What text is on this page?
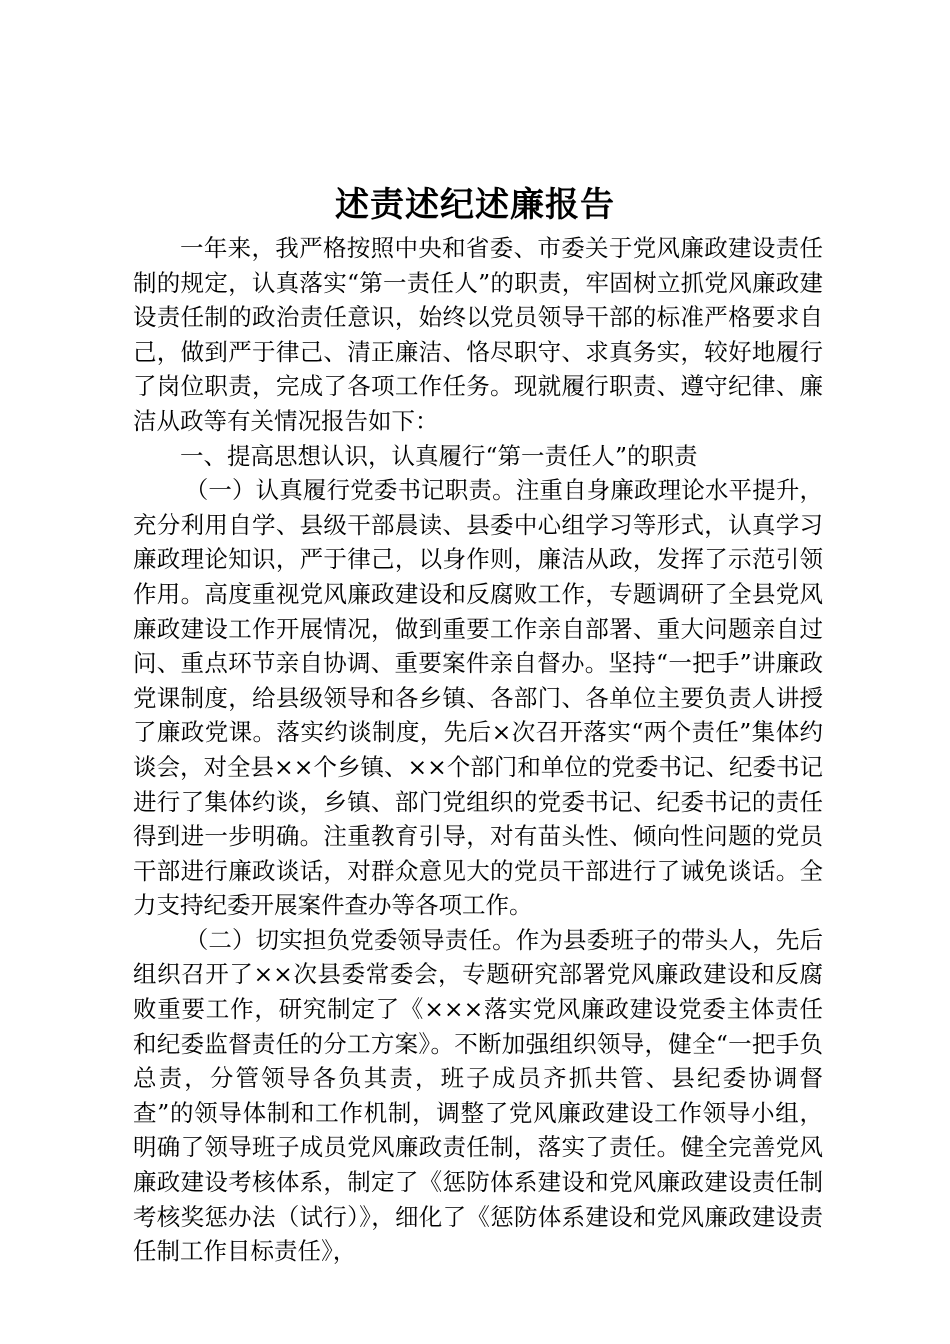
述责述纪述廉报告

一年来，我严格按照中央和省委、市委关于党风廉政建设责任制的规定，认真落实“第一责任人”的职责，牢固树立抓党风廉政建设责任制的政治责任意识，始终以党员领导干部的标准严格要求自己，做到严于律己、清正廉洁、恪尽职守、求真务实，较好地履行了岗位职责，完成了各项工作任务。现就履行职责、遵守纪律、廉洁从政等有关情况报告如下：

一、提高思想认识，认真履行“第一责任人”的职责

（一）认真履行党委书记职责。注重自身廉政理论水平提升，充分利用自学、县级干部晨读、县委中心组学习等形式，认真学习廉政理论知识，严于律己，以身作则，廉洁从政，发挥了示范引领作用。高度重视党风廉政建设和反腐败工作，专题调研了全县党风廉政建设工作开展情况，做到重要工作亲自部署、重大问题亲自过问、重点环节亲自协调、重要案件亲自督办。坚持“一把手”讲廉政党课制度，给县级领导和各乡镇、各部门、各单位主要负责人讲授了廉政党课。落实约谈制度，先后×次召开落实“两个责任”集体约谈会，对全县××个乡镇、××个部门和单位的党委书记、纪委书记进行了集体约谈，乡镇、部门党组织的党委书记、纪委书记的责任得到进一步明确。注重教育引导，对有苗头性、倾向性问题的党员干部进行廉政谈话，对群众意见大的党员干部进行了诫免谈话。全力支持纪委开展案件查办等各项工作。

（二）切实担负党委领导责任。作为县委班子的带头人，先后组织召开了××次县委常委会，专题研究部署党风廉政建设和反腐败重要工作，研究制定了《×××落实党风廉政建设党委主体责任和纪委监督责任的分工方案》。不断加强组织领导，健全“一把手负总责，分管领导各负其责，班子成员齐抓共管、县纪委协调督查”的领导体制和工作机制，调整了党风廉政建设工作领导小组，明确了领导班子成员党风廉政责任制，落实了责任。健全完善党风廉政建设考核体系，制定了《惩防体系建设和党风廉政建设责任制考核奖惩办法（试行）》，细化了《惩防体系建设和党风廉政建设责任制工作目标责任》，
